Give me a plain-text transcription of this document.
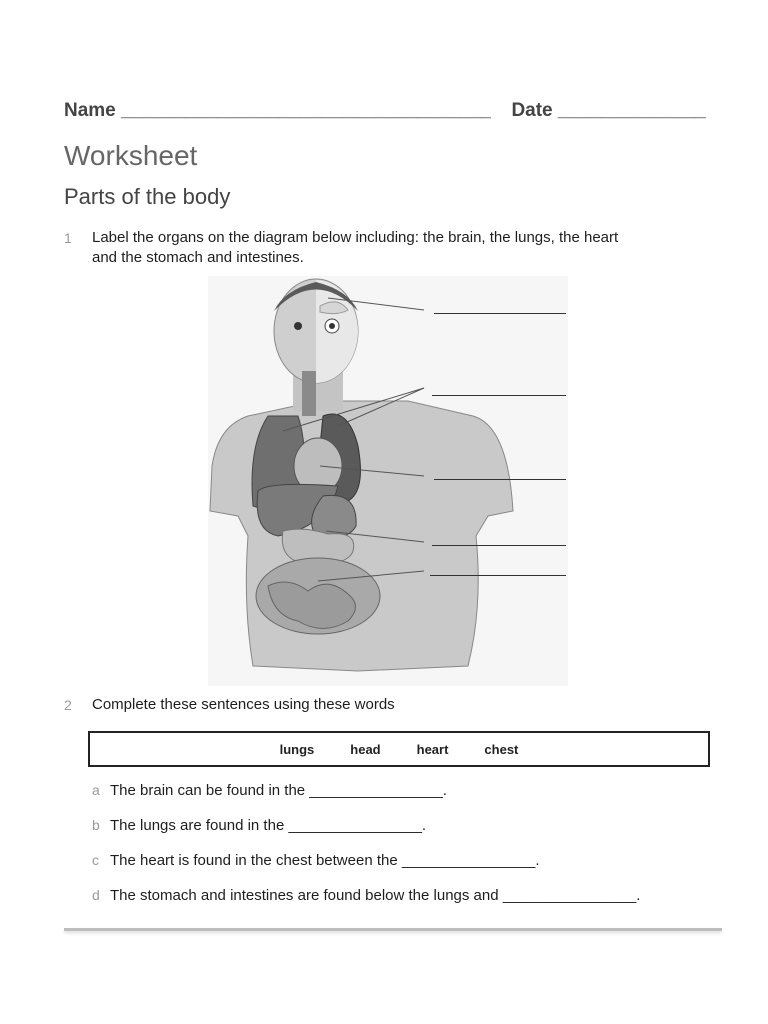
Name ___________________________________ Date ______________
Worksheet
Parts of the body
1 Label the organs on the diagram below including: the brain, the lungs, the heart
and the stomach and intestines.
2 Complete these sentences using these words
lungs	head	heart	chest
a The brain can be found in the ________________.
b The lungs are found in the ________________.
c The heart is found in the chest between the ________________.
d The stomach and intestines are found below the lungs and ________________.
